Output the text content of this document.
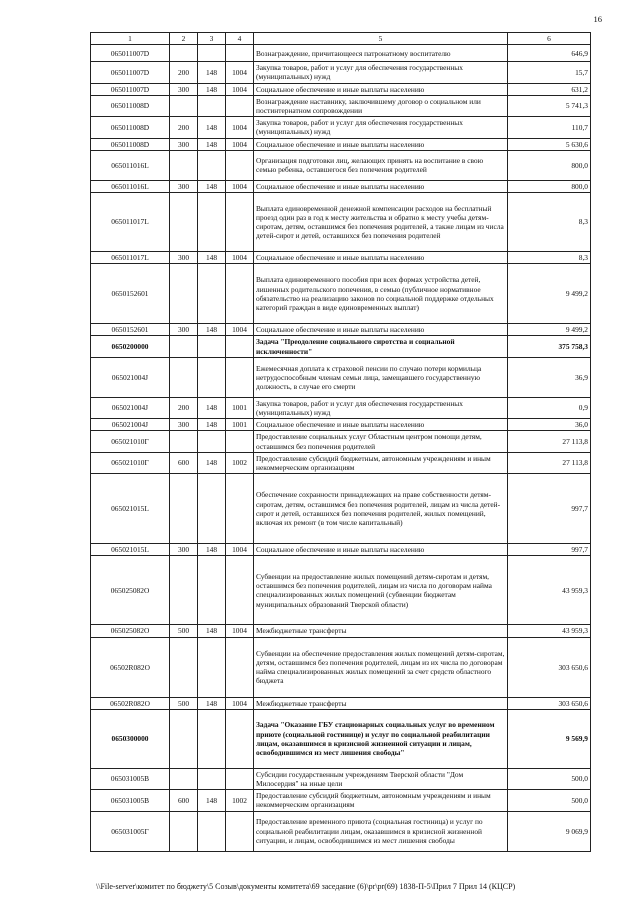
16
1	2	3	4	5	6
065011007D				Вознаграждение, причитающееся патронатному воспитателю	646,9
065011007D	200	148	1004	Закупка товаров, работ и услуг для обеспечения государственных (муниципальных) нужд	15,7
065011007D	300	148	1004	Социальное обеспечение и иные выплаты населению	631,2
065011008D				Вознаграждение наставнику, заключившему договор о социальном или постинтернатном сопровождении	5 741,3
065011008D	200	148	1004	Закупка товаров, работ и услуг для обеспечения государственных (муниципальных) нужд	110,7
065011008D	300	148	1004	Социальное обеспечение и иные выплаты населению	5 630,6
065011016L				Организация подготовки лиц, желающих принять на воспитание в свою семью ребенка, оставшегося без попечения родителей	800,0
065011016L	300	148	1004	Социальное обеспечение и иные выплаты населению	800,0
065011017L				Выплата единовременной денежной компенсации расходов на бесплатный проезд один раз в год к месту жительства и обратно к месту учебы детям-сиротам, детям, оставшимся без попечения родителей, а также лицам из числа детей-сирот и детей, оставшихся без попечения родителей	8,3
065011017L	300	148	1004	Социальное обеспечение и иные выплаты населению	8,3
0650152601				Выплата единовременного пособия при всех формах устройства детей, лишенных родительского попечения, в семью (публичное нормативное обязательство на реализацию законов по социальной поддержке отдельных категорий граждан в виде единовременных выплат)	9 499,2
0650152601	300	148	1004	Социальное обеспечение и иные выплаты населению	9 499,2
0650200000				Задача "Преодоление социального сиротства и социальной исключенности"	375 758,3
065021004J				Ежемесячная доплата к страховой пенсии по случаю потери кормильца нетрудоспособным членам семьи лица, замещавшего государственную должность, в случае его смерти	36,9
065021004J	200	148	1001	Закупка товаров, работ и услуг для обеспечения государственных (муниципальных) нужд	0,9
065021004J	300	148	1001	Социальное обеспечение и иные выплаты населению	36,0
065021010Г				Предоставление социальных услуг Областным центром помощи детям, оставшимся без попечения родителей	27 113,8
065021010Г	600	148	1002	Предоставление субсидий бюджетным, автономным учреждениям и иным некоммерческим организациям	27 113,8
065021015L				Обеспечение сохранности принадлежащих на праве собственности детям-сиротам, детям, оставшимся без попечения родителей, лицам из числа детей-сирот и детей, оставшихся без попечения родителей, жилых помещений, включая их ремонт (в том числе капитальный)	997,7
065021015L	300	148	1004	Социальное обеспечение и иные выплаты населению	997,7
065025082O				Субвенции на предоставление жилых помещений детям-сиротам и детям, оставшимся без попечения родителей, лицам из числа по договорам найма специализированных жилых помещений (субвенции бюджетам муниципальных образований Тверской области)	43 959,3
065025082O	500	148	1004	Межбюджетные трансферты	43 959,3
06502R082O				Субвенции на обеспечение предоставления жилых помещений детям-сиротам, детям, оставшимся без попечения родителей, лицам из их числа по договорам найма специализированных жилых помещений за счет средств областного бюджета	303 650,6
06502R082O	500	148	1004	Межбюджетные трансферты	303 650,6
0650300000				Задача "Оказание ГБУ стационарных социальных услуг во временном приюте (социальной гостинице) и услуг по социальной реабилитации лицам, оказавшимся в кризисной жизненной ситуации и лицам, освободившимся из мест лишения свободы"	9 569,9
065031005B				Субсидии государственным учреждениям Тверской области "Дом Милосердия" на иные цели	500,0
065031005B	600	148	1002	Предоставление субсидий бюджетным, автономным учреждениям и иным некоммерческим организациям	500,0
065031005Г				Предоставление временного приюта (социальная гостиница) и услуг по социальной реабилитации лицам, оказавшимся в кризисной жизненной ситуации, и лицам, освободившимся из мест лишения свободы	9 069,9
\\File-server\комитет по бюджету\5 Созыв\документы комитета\69 заседание (6)\pr\pr(69) 1838-П-5\Прил 7 Прил 14 (КЦСР)
